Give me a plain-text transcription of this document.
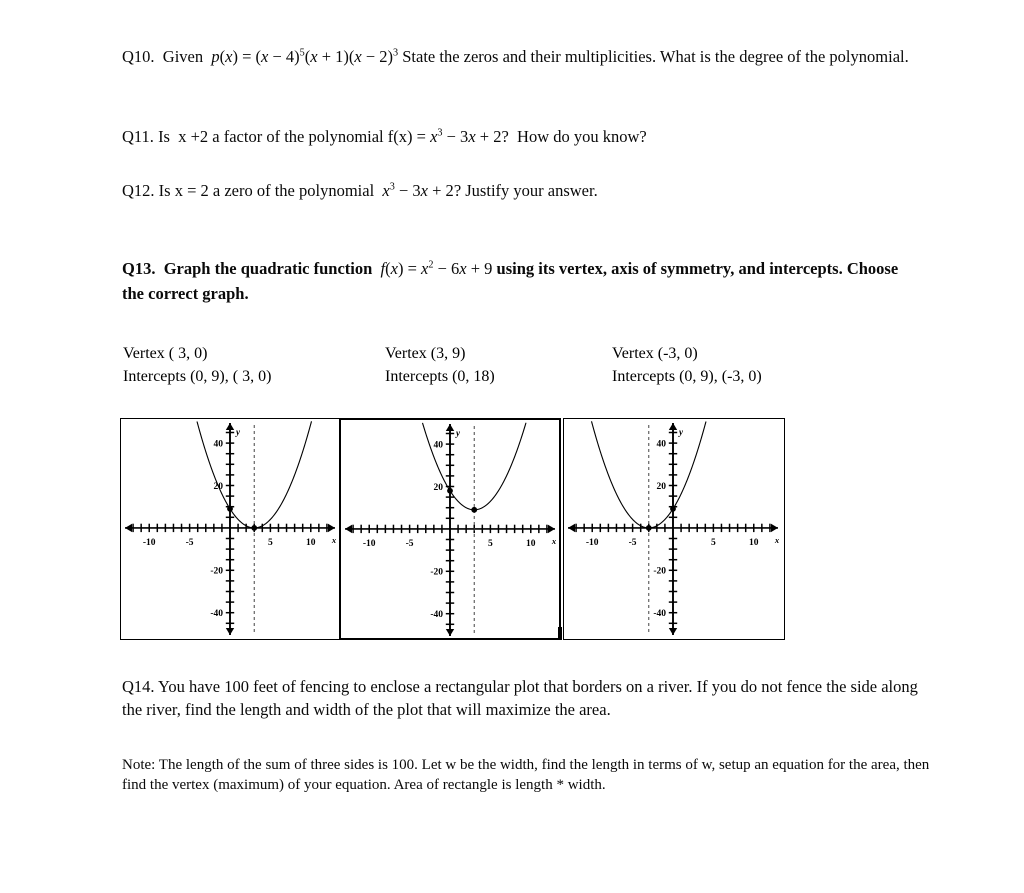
Q10.  Given  $p(x) = (x - 4)^5(x + 1)(x - 2)^3$ State the zeros and their multiplicities. What is the degree of the polynomial.
Q11. Is  x +2 a factor of the polynomial $f(x) = x^3 - 3x + 2$?  How do you know?
Q12. Is x = 2 a zero of the polynomial  $x^3 - 3x + 2$? Justify your answer.
Q13.  Graph the quadratic function  $f(x) = x^2 - 6x + 9$ using its vertex, axis of symmetry, and intercepts. Choose the correct graph.
Vertex ( 3, 0)
Intercepts (0, 9), ( 3, 0)
Vertex (3, 9)
Intercepts (0, 18)
Vertex (-3, 0)
Intercepts (0, 9), (-3, 0)
-10	-5	5	10
40
20
-20
-40
x
y
-10	-5	5	10
40
20
-20
-40
x
y
-10	-5	5	10
40
20
-20
-40
x
y
Q14. You have 100 feet of fencing to enclose a rectangular plot that borders on a river. If you do not fence the side along the river, find the length and width of the plot that will maximize the area.
Note: The length of the sum of three sides is 100. Let w be the width, find the length in terms of w, setup an equation for the area, then find the vertex (maximum) of your equation. Area of rectangle is length * width.
